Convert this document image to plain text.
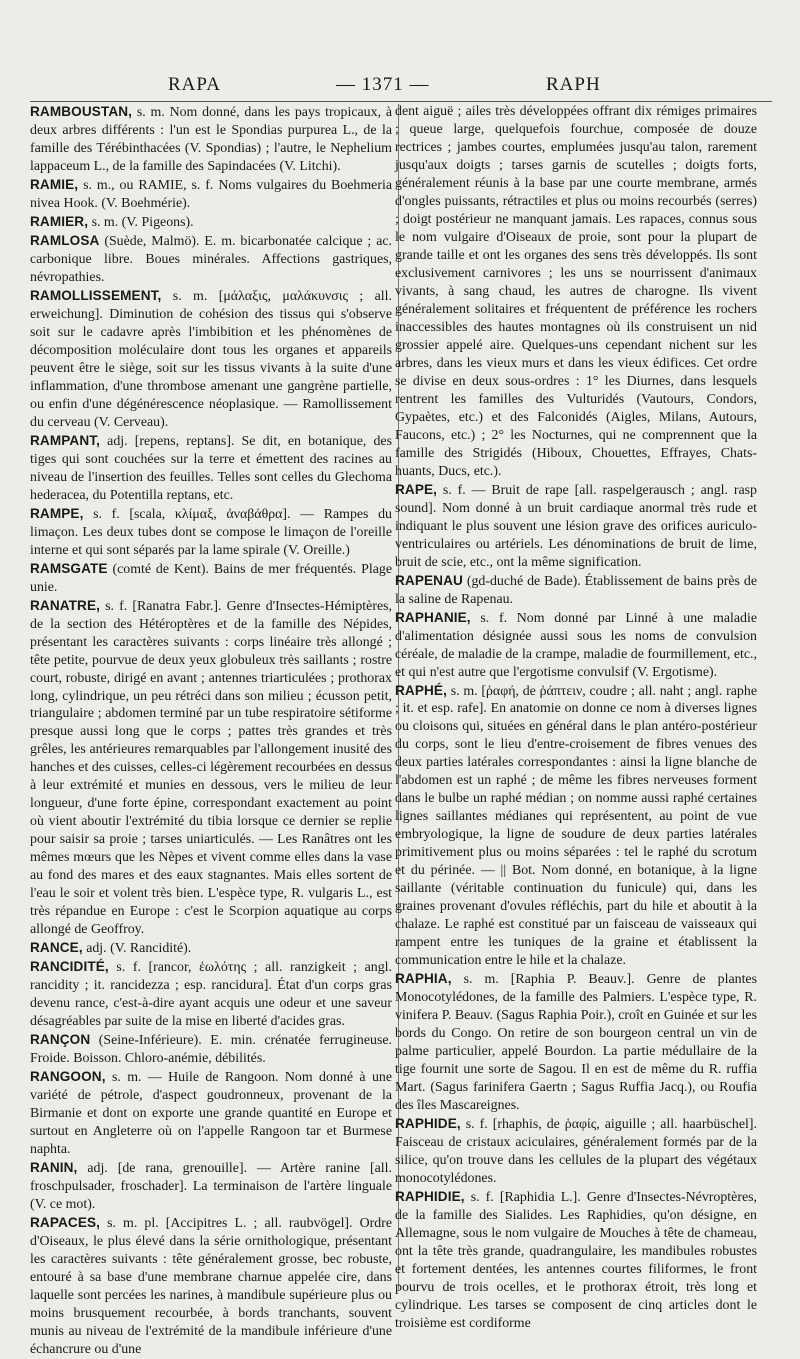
RAPA	— 1371 —	RAPH

RAMBOUSTAN, s. m. Nom donné, dans les pays tropicaux, à deux arbres différents : l'un est le Spondias purpurea L., de la famille des Térébinthacées (V. Spondias) ; l'autre, le Nephelium lappaceum L., de la famille des Sapindacées (V. Litchi).

RAMIE, s. m., ou RAMIE, s. f. Noms vulgaires du Boehmeria nivea Hook. (V. Boehmérie).

RAMIER, s. m. (V. Pigeons).

RAMLOSA (Suède, Malmö). E. m. bicarbonatée calcique ; ac. carbonique libre. Boues minérales. Affections gastriques, névropathies.

RAMOLLISSEMENT, s. m. [μάλαξις, μαλάκυνσις ; all. erweichung]. Diminution de cohésion des tissus qui s'observe soit sur le cadavre après l'imbibition et les phénomènes de décomposition moléculaire dont tous les organes et appareils peuvent être le siège, soit sur les tissus vivants à la suite d'une inflammation, d'une thrombose amenant une gangrène partielle, ou enfin d'une dégénérescence néoplasique. — Ramollissement du cerveau (V. Cerveau).

RAMPANT, adj. [repens, reptans]. Se dit, en botanique, des tiges qui sont couchées sur la terre et émettent des racines au niveau de l'insertion des feuilles. Telles sont celles du Glechoma hederacea, du Potentilla reptans, etc.

RAMPE, s. f. [scala, κλίμαξ, ἀναβάθρα]. — Rampes du limaçon. Les deux tubes dont se compose le limaçon de l'oreille interne et qui sont séparés par la lame spirale (V. Oreille.)

RAMSGATE (comté de Kent). Bains de mer fréquentés. Plage unie.

RANATRE, s. f. [Ranatra Fabr.]. Genre d'Insectes-Hémiptères, de la section des Hétéroptères et de la famille des Népides, présentant les caractères suivants : corps linéaire très allongé ; tête petite, pourvue de deux yeux globuleux très saillants ; rostre court, robuste, dirigé en avant ; antennes triarticulées ; prothorax long, cylindrique, un peu rétréci dans son milieu ; écusson petit, triangulaire ; abdomen terminé par un tube respiratoire sétiforme presque aussi long que le corps ; pattes très grandes et très grêles, les antérieures remarquables par l'allongement inusité des hanches et des cuisses, celles-ci légèrement recourbées en dessus à leur extrémité et munies en dessous, vers le milieu de leur longueur, d'une forte épine, correspondant exactement au point où vient aboutir l'extrémité du tibia lorsque ce dernier se replie pour saisir sa proie ; tarses uniarticulés. — Les Ranâtres ont les mêmes mœurs que les Nèpes et vivent comme elles dans la vase au fond des mares et des eaux stagnantes. Mais elles sortent de l'eau le soir et volent très bien. L'espèce type, R. vulgaris L., est très répandue en Europe : c'est le Scorpion aquatique au corps allongé de Geoffroy.

RANCE, adj. (V. Rancidité).

RANCIDITÉ, s. f. [rancor, ἑωλότης ; all. ranzigkeit ; angl. rancidity ; it. rancidezza ; esp. rancidura]. État d'un corps gras devenu rance, c'est-à-dire ayant acquis une odeur et une saveur désagréables par suite de la mise en liberté d'acides gras.

RANÇON (Seine-Inférieure). E. min. crénatée ferrugineuse. Froide. Boisson. Chloro-anémie, débilités.

RANGOON, s. m. — Huile de Rangoon. Nom donné à une variété de pétrole, d'aspect goudronneux, provenant de la Birmanie et dont on exporte une grande quantité en Europe et surtout en Angleterre où on l'appelle Rangoon tar et Burmese naphta.

RANIN, adj. [de rana, grenouille]. — Artère ranine [all. froschpulsader, froschader]. La terminaison de l'artère linguale (V. ce mot).

RAPACES, s. m. pl. [Accipitres L. ; all. raubvögel]. Ordre d'Oiseaux, le plus élevé dans la série ornithologique, présentant les caractères suivants : tête généralement grosse, bec robuste, entouré à sa base d'une membrane charnue appelée cire, dans laquelle sont percées les narines, à mandibule supérieure plus ou moins brusquement recourbée, à bords tranchants, souvent munis au niveau de l'extrémité de la mandibule inférieure d'une échancrure ou d'une

dent aiguë ; ailes très développées offrant dix rémiges primaires ; queue large, quelquefois fourchue, composée de douze rectrices ; jambes courtes, emplumées jusqu'au talon, rarement jusqu'aux doigts ; tarses garnis de scutelles ; doigts forts, généralement réunis à la base par une courte membrane, armés d'ongles puissants, rétractiles et plus ou moins recourbés (serres) ; doigt postérieur ne manquant jamais. Les rapaces, connus sous le nom vulgaire d'Oiseaux de proie, sont pour la plupart de grande taille et ont les organes des sens très développés. Ils sont exclusivement carnivores ; les uns se nourrissent d'animaux vivants, à sang chaud, les autres de charogne. Ils vivent généralement solitaires et fréquentent de préférence les rochers inaccessibles des hautes montagnes où ils construisent un nid grossier appelé aire. Quelques-uns cependant nichent sur les arbres, dans les vieux murs et dans les vieux édifices. Cet ordre se divise en deux sous-ordres : 1° les Diurnes, dans lesquels rentrent les familles des Vulturidés (Vautours, Condors, Gypaètes, etc.) et des Falconidés (Aigles, Milans, Autours, Faucons, etc.) ; 2° les Nocturnes, qui ne comprennent que la famille des Strigidés (Hiboux, Chouettes, Effrayes, Chats-huants, Ducs, etc.).

RAPE, s. f. — Bruit de rape [all. raspelgerausch ; angl. rasp sound]. Nom donné à un bruit cardiaque anormal très rude et indiquant le plus souvent une lésion grave des orifices auriculo-ventriculaires ou artériels. Les dénominations de bruit de lime, bruit de scie, etc., ont la même signification.

RAPENAU (gd-duché de Bade). Établissement de bains près de la saline de Rapenau.

RAPHANIE, s. f. Nom donné par Linné à une maladie d'alimentation désignée aussi sous les noms de convulsion céréale, de maladie de la crampe, maladie de fourmillement, etc., et qui n'est autre que l'ergotisme convulsif (V. Ergotisme).

RAPHÉ, s. m. [ῥαφή, de ῥάπτειν, coudre ; all. naht ; angl. raphe ; it. et esp. rafe]. En anatomie on donne ce nom à diverses lignes ou cloisons qui, situées en général dans le plan antéro-postérieur du corps, sont le lieu d'entre-croisement de fibres venues des deux parties latérales correspondantes : ainsi la ligne blanche de l'abdomen est un raphé ; de même les fibres nerveuses forment dans le bulbe un raphé médian ; on nomme aussi raphé certaines lignes saillantes médianes qui représentent, au point de vue embryologique, la ligne de soudure de deux parties latérales primitivement plus ou moins séparées : tel le raphé du scrotum et du périnée. — || Bot. Nom donné, en botanique, à la ligne saillante (véritable continuation du funicule) qui, dans les graines provenant d'ovules réfléchis, part du hile et aboutit à la chalaze. Le raphé est constitué par un faisceau de vaisseaux qui rampent entre les tuniques de la graine et établissent la communication entre le hile et la chalaze.

RAPHIA, s. m. [Raphia P. Beauv.]. Genre de plantes Monocotylédones, de la famille des Palmiers. L'espèce type, R. vinifera P. Beauv. (Sagus Raphia Poir.), croît en Guinée et sur les bords du Congo. On retire de son bourgeon central un vin de palme particulier, appelé Bourdon. La partie médullaire de la tige fournit une sorte de Sagou. Il en est de même du R. ruffia Mart. (Sagus farinifera Gaertn ; Sagus Ruffia Jacq.), ou Roufia des îles Mascareignes.

RAPHIDE, s. f. [rhaphis, de ῥαφίς, aiguille ; all. haarbüschel]. Faisceau de cristaux aciculaires, généralement formés par de la silice, qu'on trouve dans les cellules de la plupart des végétaux monocotylédones.

RAPHIDIE, s. f. [Raphidia L.]. Genre d'Insectes-Névroptères, de la famille des Sialides. Les Raphidies, qu'on désigne, en Allemagne, sous le nom vulgaire de Mouches à tête de chameau, ont la tête très grande, quadrangulaire, les mandibules robustes et fortement dentées, les antennes courtes filiformes, le front pourvu de trois ocelles, et le prothorax étroit, très long et cylindrique. Les tarses se composent de cinq articles dont le troisième est cordiforme
